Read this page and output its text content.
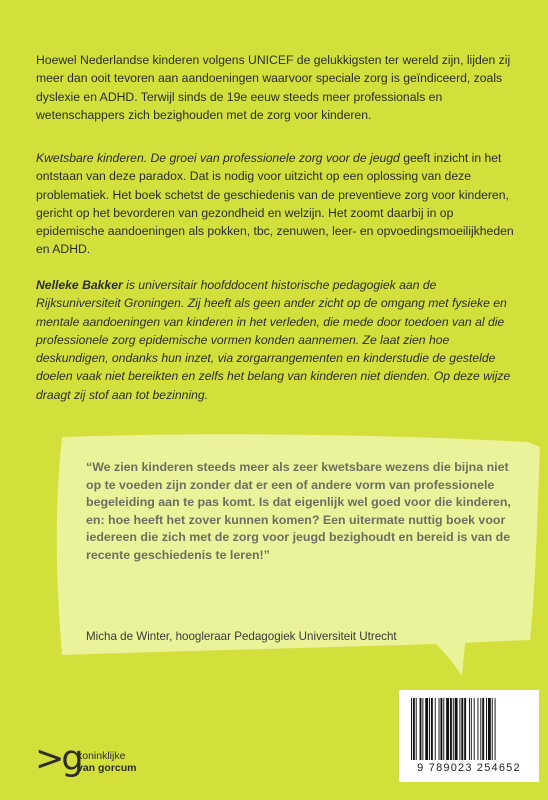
Hoewel Nederlandse kinderen volgens UNICEF de gelukkigsten ter wereld zijn, lijden zij meer dan ooit tevoren aan aandoeningen waarvoor speciale zorg is geïndiceerd, zoals dyslexie en ADHD. Terwijl sinds de 19e eeuw steeds meer professionals en wetenschappers zich bezighouden met de zorg voor kinderen.

Kwetsbare kinderen. De groei van professionele zorg voor de jeugd geeft inzicht in het ontstaan van deze paradox. Dat is nodig voor uitzicht op een oplossing van deze problematiek. Het boek schetst de geschiedenis van de preventieve zorg voor kinderen, gericht op het bevorderen van gezondheid en welzijn. Het zoomt daarbij in op epidemische aandoeningen als pokken, tbc, zenuwen, leer- en opvoedingsmoeilijkheden en ADHD.

Nelleke Bakker is universitair hoofddocent historische pedagogiek aan de Rijksuniversiteit Groningen. Zij heeft als geen ander zicht op de omgang met fysieke en mentale aandoeningen van kinderen in het verleden, die mede door toedoen van al die professionele zorg epidemische vormen konden aannemen. Ze laat zien hoe deskundigen, ondanks hun inzet, via zorgarrangementen en kinderstudie de gestelde doelen vaak niet bereikten en zelfs het belang van kinderen niet dienden. Op deze wijze draagt zij stof aan tot bezinning.

“We zien kinderen steeds meer als zeer kwetsbare wezens die bijna niet op te voeden zijn zonder dat er een of andere vorm van professionele begeleiding aan te pas komt. Is dat eigenlijk wel goed voor die kinderen, en: hoe heeft het zover kunnen komen? Een uitermate nuttig boek voor iedereen die zich met de zorg voor jeugd bezighoudt en bereid is van de recente geschiedenis te leren!”

Micha de Winter, hoogleraar Pedagogiek Universiteit Utrecht

>g
koninklijke
van gorcum	9 789023 254652
